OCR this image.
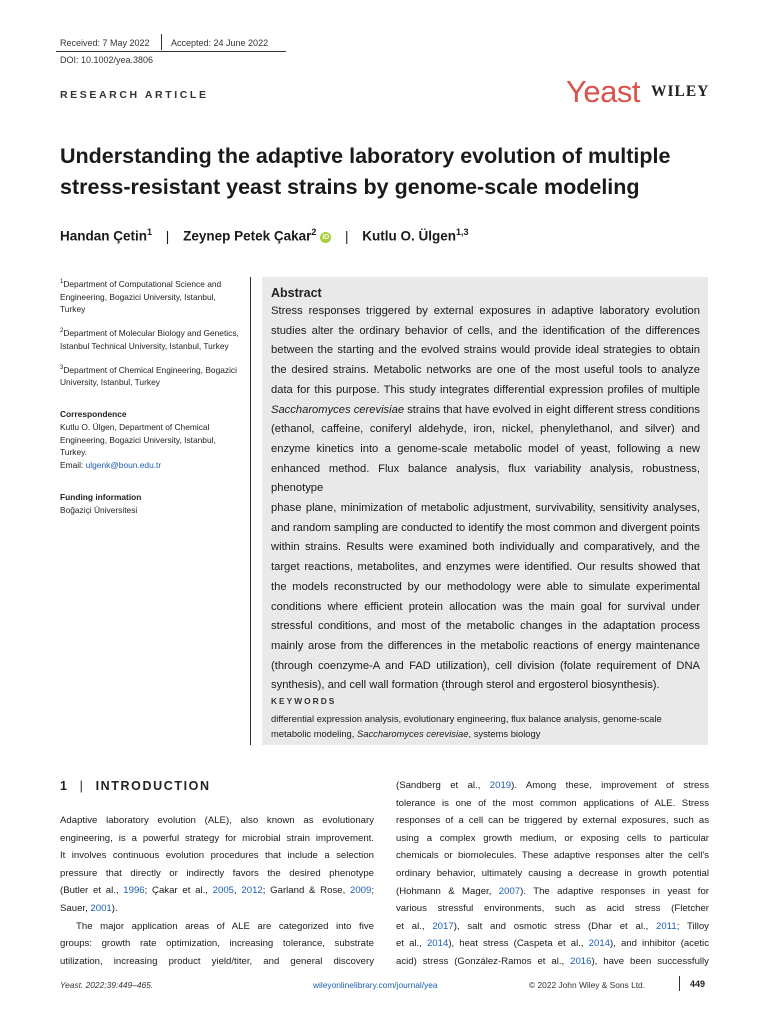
Received: 7 May 2022 Accepted: 24 June 2022
DOI: 10.1002/yea.3806
RESEARCH ARTICLE	Yeast WILEY
Understanding the adaptive laboratory evolution of multiple
stress-resistant yeast strains by genome-scale modeling
Handan Çetin$^1$ | Zeynep Petek Çakar$^2$ iD | Kutlu O. Ülgen$^{1,3}$

$^1$Department of Computational Science and Engineering, Bogazici University, Istanbul, Turkey

$^2$Department of Molecular Biology and Genetics, Istanbul Technical University, Istanbul, Turkey

$^3$Department of Chemical Engineering, Bogazici University, Istanbul, Turkey

Correspondence
Kutlu O. Ülgen, Department of Chemical Engineering, Bogazici University, Istanbul, Turkey.
Email: ulgenk@boun.edu.tr
Funding information
Boğaziçi Üniversitesi
Abstract
Stress responses triggered by external exposures in adaptive laboratory evolution
studies alter the ordinary behavior of cells, and the identification of the differences
between the starting and the evolved strains would provide ideal strategies to obtain
the desired strains. Metabolic networks are one of the most useful tools to analyze
data for this purpose. This study integrates differential expression profiles of multiple
Saccharomyces cerevisiae strains that have evolved in eight different stress conditions
(ethanol, caffeine, coniferyl aldehyde, iron, nickel, phenylethanol, and silver) and
enzyme kinetics into a genome-scale metabolic model of yeast, following a new
enhanced method. Flux balance analysis, flux variability analysis, robustness, phenotype
phase plane, minimization of metabolic adjustment, survivability, sensitivity analyses,
and random sampling are conducted to identify the most common and divergent points
within strains. Results were examined both individually and comparatively, and the
target reactions, metabolites, and enzymes were identified. Our results showed that
the models reconstructed by our methodology were able to simulate experimental
conditions where efficient protein allocation was the main goal for survival under
stressful conditions, and most of the metabolic changes in the adaptation process
mainly arose from the differences in the metabolic reactions of energy maintenance
(through coenzyme-A and FAD utilization), cell division (folate requirement of DNA
synthesis), and cell wall formation (through sterol and ergosterol biosynthesis).
KEYWORDS
differential expression analysis, evolutionary engineering, flux balance analysis, genome-scale
metabolic modeling, Saccharomyces cerevisiae, systems biology
1 | INTRODUCTION
Adaptive laboratory evolution (ALE), also known as evolutionary
engineering, is a powerful strategy for microbial strain improvement.
It involves continuous evolution procedures that include a selection
pressure that directly or indirectly favors the desired phenotype
(Butler et al., 1996; Çakar et al., 2005, 2012; Garland & Rose, 2009;
Sauer, 2001).
The major application areas of ALE are categorized into five
groups: growth rate optimization, increasing tolerance, substrate
utilization, increasing product yield/titer, and general discovery
(Sandberg et al., 2019). Among these, improvement of stress
tolerance is one of the most common applications of ALE. Stress
responses of a cell can be triggered by external exposures, such as
using a complex growth medium, or exposing cells to particular
chemicals or biomolecules. These adaptive responses alter the cell's
ordinary behavior, ultimately causing a decrease in growth potential
(Hohmann & Mager, 2007). The adaptive responses in yeast for
various stressful environments, such as acid stress (Fletcher
et al., 2017), salt and osmotic stress (Dhar et al., 2011; Tilloy
et al., 2014), heat stress (Caspeta et al., 2014), and inhibitor (acetic
acid) stress (González-Ramos et al., 2016), have been successfully
Yeast. 2022;39:449–465.	wileyonlinelibrary.com/journal/yea	© 2022 John Wiley & Sons Ltd.	449
